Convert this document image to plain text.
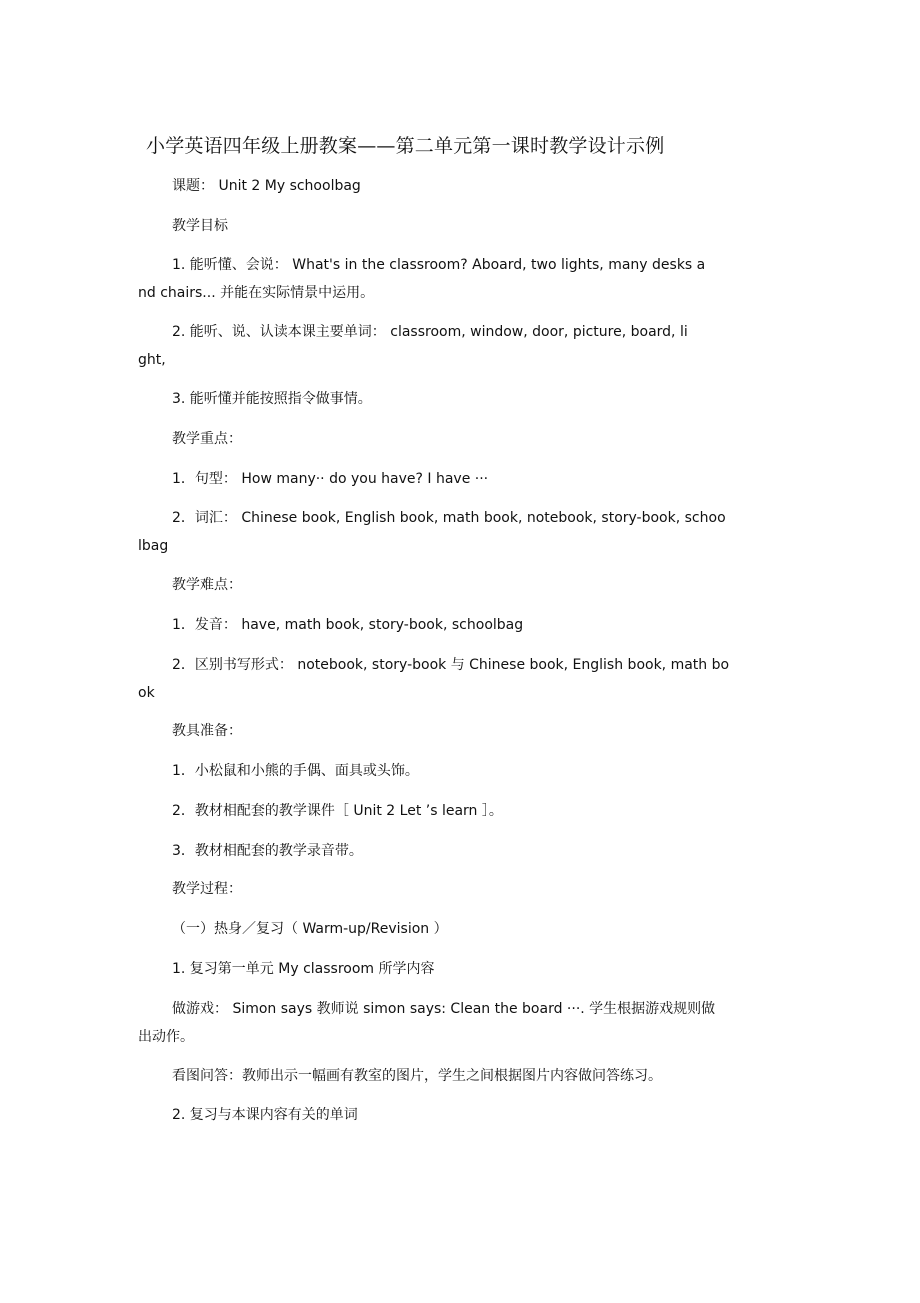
小学英语四年级上册教案——第二单元第一课时教学设计示例
课题： Unit 2 My schoolbag
教学目标
1. 能听懂、会说： What's in the classroom? Aboard, two lights, many desks a
nd chairs... 并能在实际情景中运用。
2. 能听、说、认读本课主要单词： classroom, window, door, picture, board, li
ght,
3. 能听懂并能按照指令做事情。
教学重点：
1．句型： How many·· do you have? I have ···
2．词汇： Chinese book, English book, math book, notebook, story-book, schoo
lbag
教学难点：
1．发音： have, math book, story-book, schoolbag
2．区别书写形式： notebook, story-book 与 Chinese book, English book, math bo
ok
教具准备：
1．小松鼠和小熊的手偶、面具或头饰。
2．教材相配套的教学课件［ Unit 2 Let ’s learn ］。
3．教材相配套的教学录音带。
教学过程：
（一）热身／复习（ Warm-up/Revision ）
1. 复习第一单元 My classroom 所学内容
做游戏： Simon says 教师说 simon says: Clean the board ···. 学生根据游戏规则做
出动作。
看图问答：教师出示一幅画有教室的图片，学生之间根据图片内容做问答练习。
2. 复习与本课内容有关的单词
